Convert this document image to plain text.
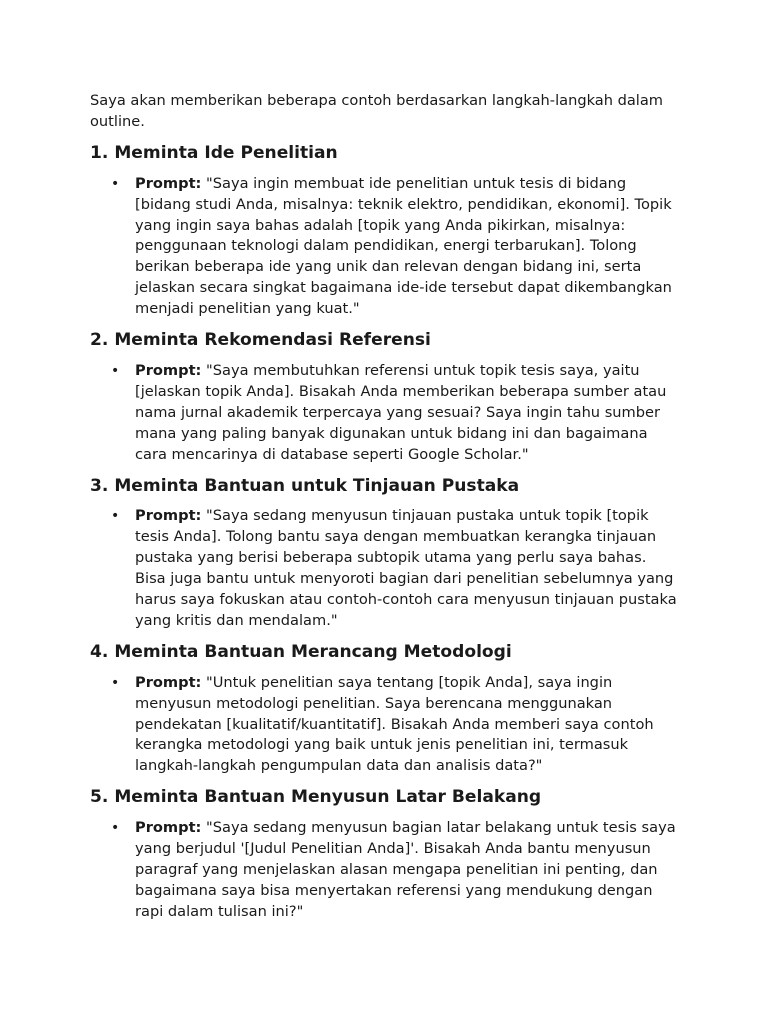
Saya akan memberikan beberapa contoh berdasarkan langkah-langkah dalam outline.

1. Meminta Ide Penelitian
• Prompt: "Saya ingin membuat ide penelitian untuk tesis di bidang [bidang studi Anda, misalnya: teknik elektro, pendidikan, ekonomi]. Topik yang ingin saya bahas adalah [topik yang Anda pikirkan, misalnya: penggunaan teknologi dalam pendidikan, energi terbarukan]. Tolong berikan beberapa ide yang unik dan relevan dengan bidang ini, serta jelaskan secara singkat bagaimana ide-ide tersebut dapat dikembangkan menjadi penelitian yang kuat."
2. Meminta Rekomendasi Referensi
• Prompt: "Saya membutuhkan referensi untuk topik tesis saya, yaitu [jelaskan topik Anda]. Bisakah Anda memberikan beberapa sumber atau nama jurnal akademik terpercaya yang sesuai? Saya ingin tahu sumber mana yang paling banyak digunakan untuk bidang ini dan bagaimana cara mencarinya di database seperti Google Scholar."
3. Meminta Bantuan untuk Tinjauan Pustaka
• Prompt: "Saya sedang menyusun tinjauan pustaka untuk topik [topik tesis Anda]. Tolong bantu saya dengan membuatkan kerangka tinjauan pustaka yang berisi beberapa subtopik utama yang perlu saya bahas. Bisa juga bantu untuk menyoroti bagian dari penelitian sebelumnya yang harus saya fokuskan atau contoh-contoh cara menyusun tinjauan pustaka yang kritis dan mendalam."
4. Meminta Bantuan Merancang Metodologi
• Prompt: "Untuk penelitian saya tentang [topik Anda], saya ingin menyusun metodologi penelitian. Saya berencana menggunakan pendekatan [kualitatif/kuantitatif]. Bisakah Anda memberi saya contoh kerangka metodologi yang baik untuk jenis penelitian ini, termasuk langkah-langkah pengumpulan data dan analisis data?"
5. Meminta Bantuan Menyusun Latar Belakang
• Prompt: "Saya sedang menyusun bagian latar belakang untuk tesis saya yang berjudul '[Judul Penelitian Anda]'. Bisakah Anda bantu menyusun paragraf yang menjelaskan alasan mengapa penelitian ini penting, dan bagaimana saya bisa menyertakan referensi yang mendukung dengan rapi dalam tulisan ini?"
